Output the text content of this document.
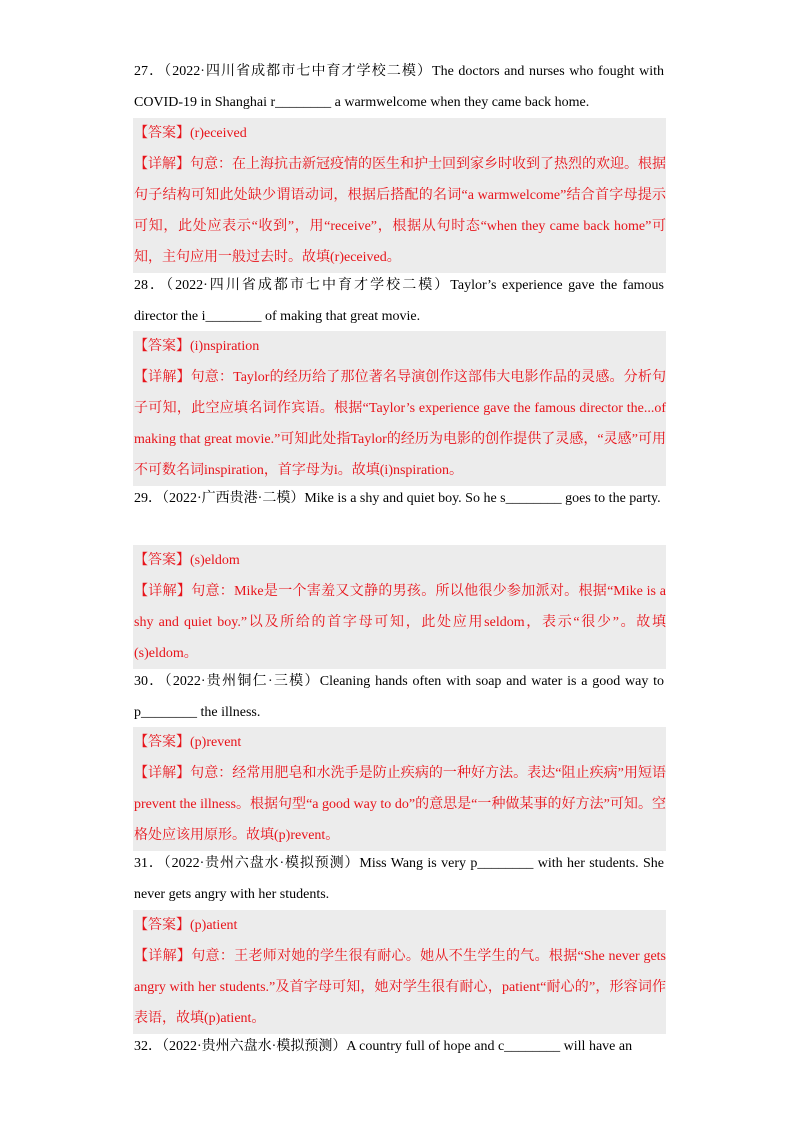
27．（2022·四川省成都市七中育才学校二模）The doctors and nurses who fought with COVID-19 in Shanghai r________ a warmwelcome when they came back home.
【答案】(r)eceived
【详解】句意：在上海抗击新冠疫情的医生和护士回到家乡时收到了热烈的欢迎。根据句子结构可知此处缺少谓语动词，根据后搭配的名词“a warmwelcome”结合首字母提示可知，此处应表示“收到”，用“receive”，根据从句时态“when they came back home”可知，主句应用一般过去时。故填(r)eceived。
28．（2022·四川省成都市七中育才学校二模）Taylor’s experience gave the famous director the i________ of making that great movie.
【答案】(i)nspiration
【详解】句意：Taylor的经历给了那位著名导演创作这部伟大电影作品的灵感。分析句子可知，此空应填名词作宾语。根据“Taylor’s experience gave the famous director the...of making that great movie.”可知此处指Taylor的经历为电影的创作提供了灵感，“灵感”可用不可数名词inspiration，首字母为i。故填(i)nspiration。
29．（2022·广西贵港·二模）Mike is a shy and quiet boy. So he s________ goes to the party.
【答案】(s)eldom
【详解】句意：Mike是一个害羞又文静的男孩。所以他很少参加派对。根据“Mike is a shy and quiet boy.”以及所给的首字母可知，此处应用seldom，表示“很少”。故填(s)eldom。
30．（2022·贵州铜仁·三模）Cleaning hands often with soap and water is a good way to p________ the illness.
【答案】(p)revent
【详解】句意：经常用肥皂和水洗手是防止疾病的一种好方法。表达“阻止疾病”用短语prevent the illness。根据句型“a good way to do”的意思是“一种做某事的好方法”可知。空格处应该用原形。故填(p)revent。
31．（2022·贵州六盘水·模拟预测）Miss Wang is very p________ with her students. She never gets angry with her students.
【答案】(p)atient
【详解】句意：王老师对她的学生很有耐心。她从不生学生的气。根据“She never gets angry with her students.”及首字母可知，她对学生很有耐心，patient“耐心的”，形容词作表语，故填(p)atient。
32．（2022·贵州六盘水·模拟预测）A country full of hope and c________ will have an
